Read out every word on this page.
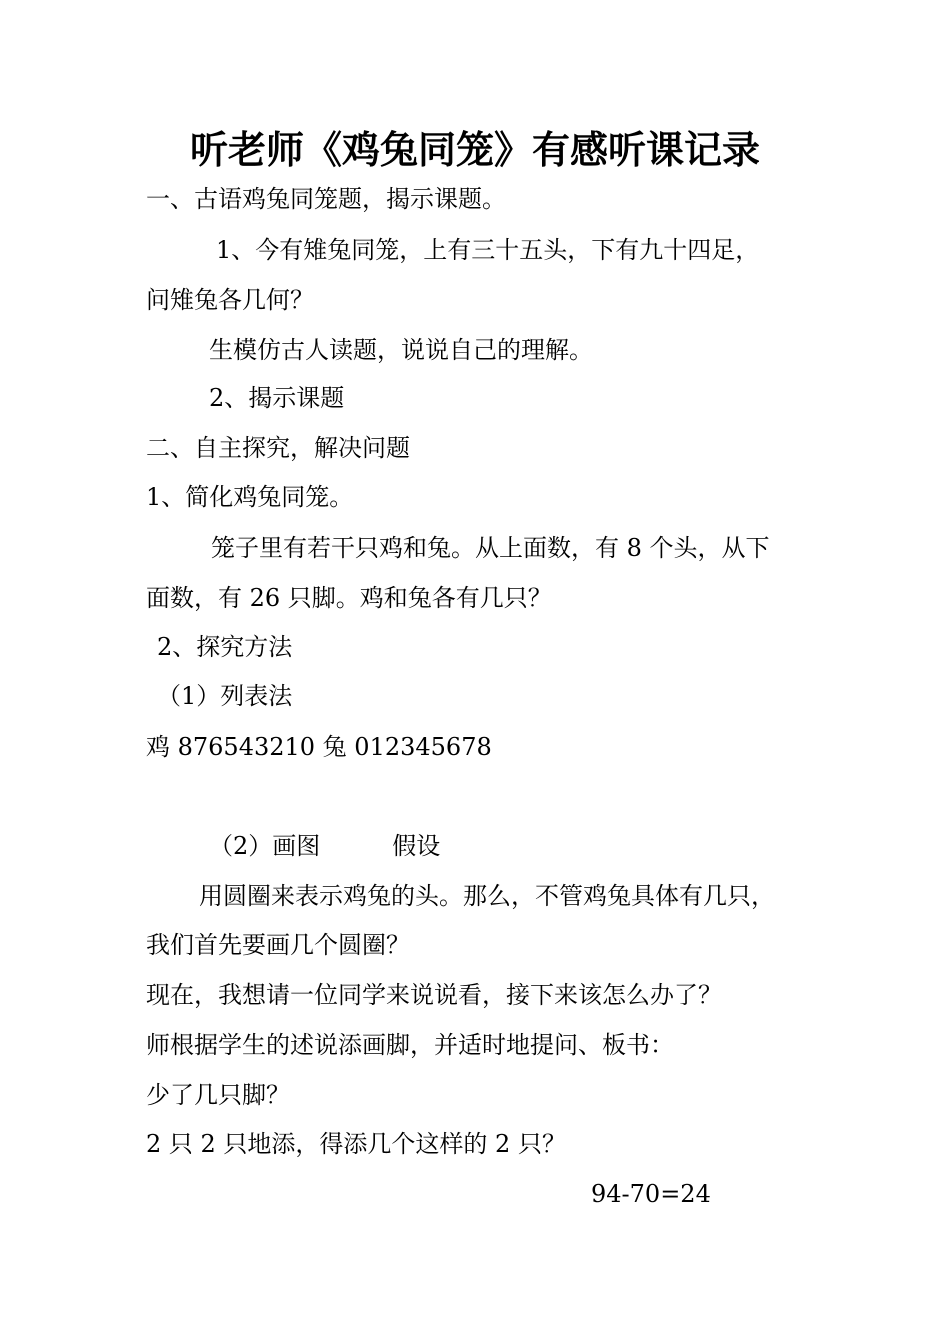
听老师《鸡兔同笼》有感听课记录
一、古语鸡兔同笼题，揭示课题。
1、今有雉兔同笼，上有三十五头，下有九十四足，
问雉兔各几何？
生模仿古人读题，说说自己的理解。
2、揭示课题
二、自主探究，解决问题
1、简化鸡兔同笼。
笼子里有若干只鸡和兔。从上面数，有 8 个头，从下
面数，有 26 只脚。鸡和兔各有几只？
2、探究方法
（1）列表法
鸡 876543210 兔 012345678
（2）画图　　　假设
用圆圈来表示鸡兔的头。那么，不管鸡兔具体有几只，
我们首先要画几个圆圈？
现在，我想请一位同学来说说看，接下来该怎么办了？
师根据学生的述说添画脚，并适时地提问、板书：
少了几只脚？
2 只 2 只地添，得添几个这样的 2 只？
94-70=24
